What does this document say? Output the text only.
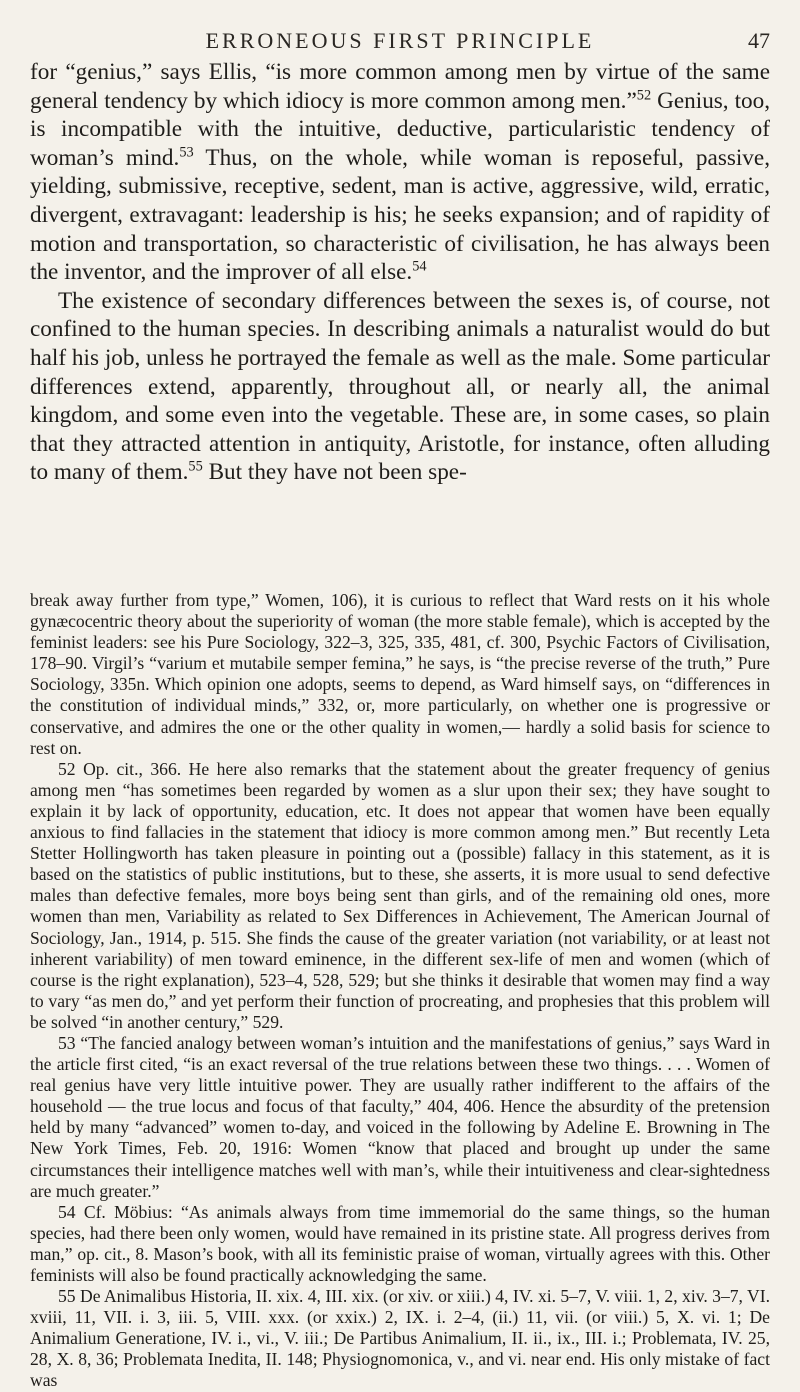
ERRONEOUS FIRST PRINCIPLE	47

for “genius,” says Ellis, “is more common among men by virtue of the same general tendency by which idiocy is more common among men.”$^{52}$ Genius, too, is incompatible with the intuitive, deductive, particularistic tendency of woman’s mind.$^{53}$ Thus, on the whole, while woman is reposeful, passive, yielding, submissive, receptive, sedent, man is active, aggressive, wild, erratic, divergent, extravagant: leadership is his; he seeks expansion; and of rapidity of motion and transportation, so characteristic of civilisation, he has always been the inventor, and the improver of all else.$^{54}$

The existence of secondary differences between the sexes is, of course, not confined to the human species. In describing animals a naturalist would do but half his job, unless he portrayed the female as well as the male. Some particular differences extend, apparently, throughout all, or nearly all, the animal kingdom, and some even into the vegetable. These are, in some cases, so plain that they attracted attention in antiquity, Aristotle, for instance, often alluding to many of them.$^{55}$ But they have not been spe-

break away further from type,” Women, 106), it is curious to reflect that Ward rests on it his whole gynæcocentric theory about the superiority of woman (the more stable female), which is accepted by the feminist leaders: see his Pure Sociology, 322–3, 325, 335, 481, cf. 300, Psychic Factors of Civilisation, 178–90. Virgil’s “varium et mutabile semper femina,” he says, is “the precise reverse of the truth,” Pure Sociology, 335n. Which opinion one adopts, seems to depend, as Ward himself says, on “differences in the constitution of individual minds,” 332, or, more particularly, on whether one is progressive or conservative, and admires the one or the other quality in women,— hardly a solid basis for science to rest on.

52 Op. cit., 366. He here also remarks that the statement about the greater frequency of genius among men “has sometimes been regarded by women as a slur upon their sex; they have sought to explain it by lack of opportunity, education, etc. It does not appear that women have been equally anxious to find fallacies in the statement that idiocy is more common among men.” But recently Leta Stetter Hollingworth has taken pleasure in pointing out a (possible) fallacy in this statement, as it is based on the statistics of public institutions, but to these, she asserts, it is more usual to send defective males than defective females, more boys being sent than girls, and of the remaining old ones, more women than men, Variability as related to Sex Differences in Achievement, The American Journal of Sociology, Jan., 1914, p. 515. She finds the cause of the greater variation (not variability, or at least not inherent variability) of men toward eminence, in the different sex-life of men and women (which of course is the right explanation), 523–4, 528, 529; but she thinks it desirable that women may find a way to vary “as men do,” and yet perform their function of procreating, and prophesies that this problem will be solved “in another century,” 529.

53 “The fancied analogy between woman’s intuition and the manifestations of genius,” says Ward in the article first cited, “is an exact reversal of the true relations between these two things. . . . Women of real genius have very little intuitive power. They are usually rather indifferent to the affairs of the household — the true locus and focus of that faculty,” 404, 406. Hence the absurdity of the pretension held by many “advanced” women to-day, and voiced in the following by Adeline E. Browning in The New York Times, Feb. 20, 1916: Women “know that placed and brought up under the same circumstances their intelligence matches well with man’s, while their intuitiveness and clear-sightedness are much greater.”

54 Cf. Möbius: “As animals always from time immemorial do the same things, so the human species, had there been only women, would have remained in its pristine state. All progress derives from man,” op. cit., 8. Mason’s book, with all its feministic praise of woman, virtually agrees with this. Other feminists will also be found practically acknowledging the same.

55 De Animalibus Historia, II. xix. 4, III. xix. (or xiv. or xiii.) 4, IV. xi. 5–7, V. viii. 1, 2, xiv. 3–7, VI. xviii, 11, VII. i. 3, iii. 5, VIII. xxx. (or xxix.) 2, IX. i. 2–4, (ii.) 11, vii. (or viii.) 5, X. vi. 1; De Animalium Generatione, IV. i., vi., V. iii.; De Partibus Animalium, II. ii., ix., III. i.; Problemata, IV. 25, 28, X. 8, 36; Problemata Inedita, II. 148; Physiognomonica, v., and vi. near end. His only mistake of fact was
